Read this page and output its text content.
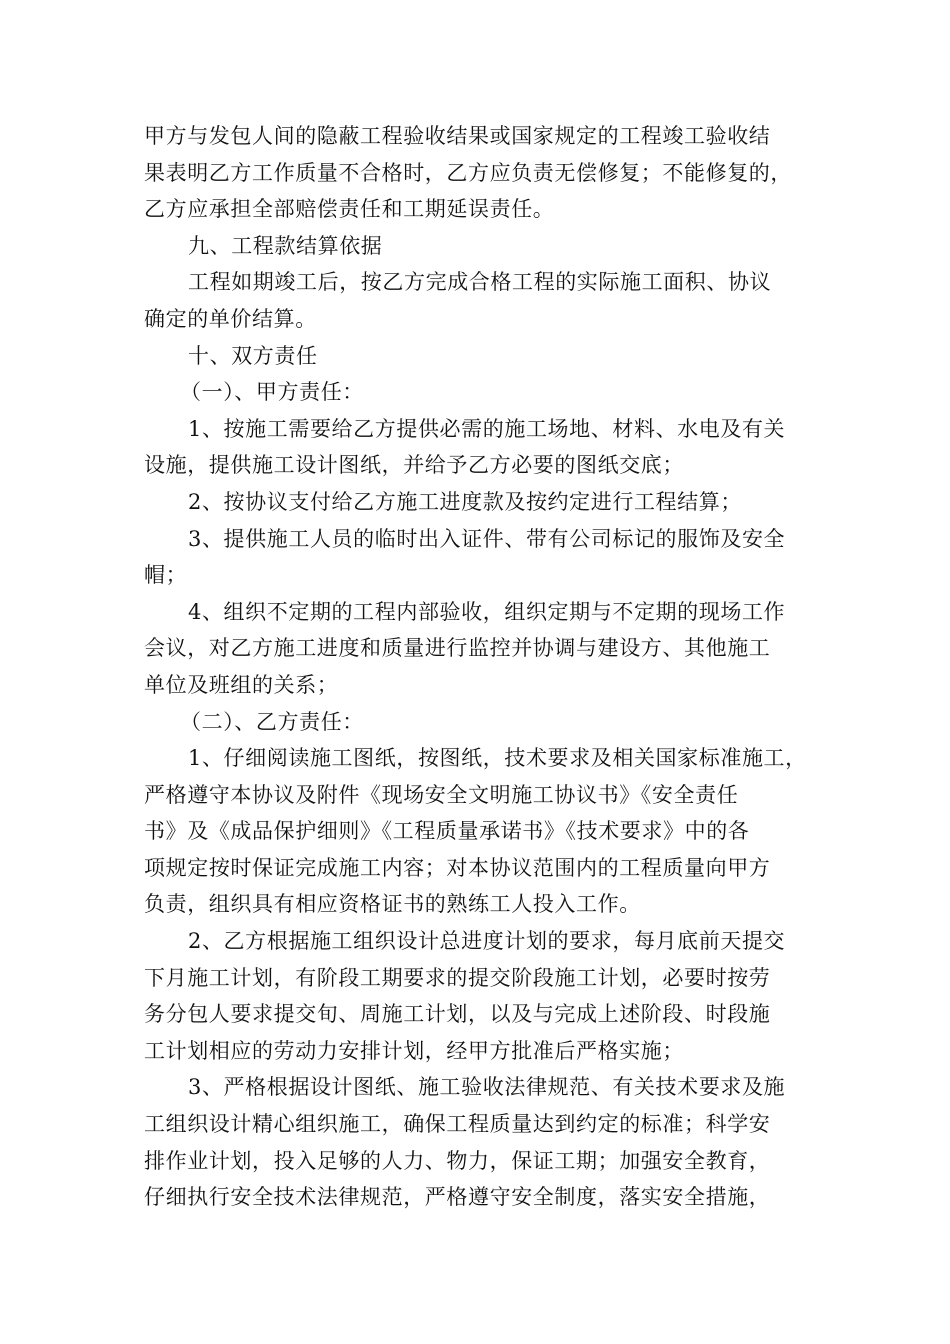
甲方与发包人间的隐蔽工程验收结果或国家规定的工程竣工验收结
果表明乙方工作质量不合格时，乙方应负责无偿修复；不能修复的，
乙方应承担全部赔偿责任和工期延误责任。
九、工程款结算依据
工程如期竣工后，按乙方完成合格工程的实际施工面积、协议
确定的单价结算。
十、双方责任
（一）、甲方责任：
1、按施工需要给乙方提供必需的施工场地、材料、水电及有关
设施，提供施工设计图纸，并给予乙方必要的图纸交底；
2、按协议支付给乙方施工进度款及按约定进行工程结算；
3、提供施工人员的临时出入证件、带有公司标记的服饰及安全
帽；
4、组织不定期的工程内部验收，组织定期与不定期的现场工作
会议，对乙方施工进度和质量进行监控并协调与建设方、其他施工
单位及班组的关系；
（二）、乙方责任：
1、仔细阅读施工图纸，按图纸，技术要求及相关国家标准施工，
严格遵守本协议及附件《现场安全文明施工协议书》《安全责任
书》及《成品保护细则》《工程质量承诺书》《技术要求》中的各
项规定按时保证完成施工内容；对本协议范围内的工程质量向甲方
负责，组织具有相应资格证书的熟练工人投入工作。
2、乙方根据施工组织设计总进度计划的要求，每月底前天提交
下月施工计划，有阶段工期要求的提交阶段施工计划，必要时按劳
务分包人要求提交旬、周施工计划，以及与完成上述阶段、时段施
工计划相应的劳动力安排计划，经甲方批准后严格实施；
3、严格根据设计图纸、施工验收法律规范、有关技术要求及施
工组织设计精心组织施工，确保工程质量达到约定的标准；科学安
排作业计划，投入足够的人力、物力，保证工期；加强安全教育，
仔细执行安全技术法律规范，严格遵守安全制度，落实安全措施，
